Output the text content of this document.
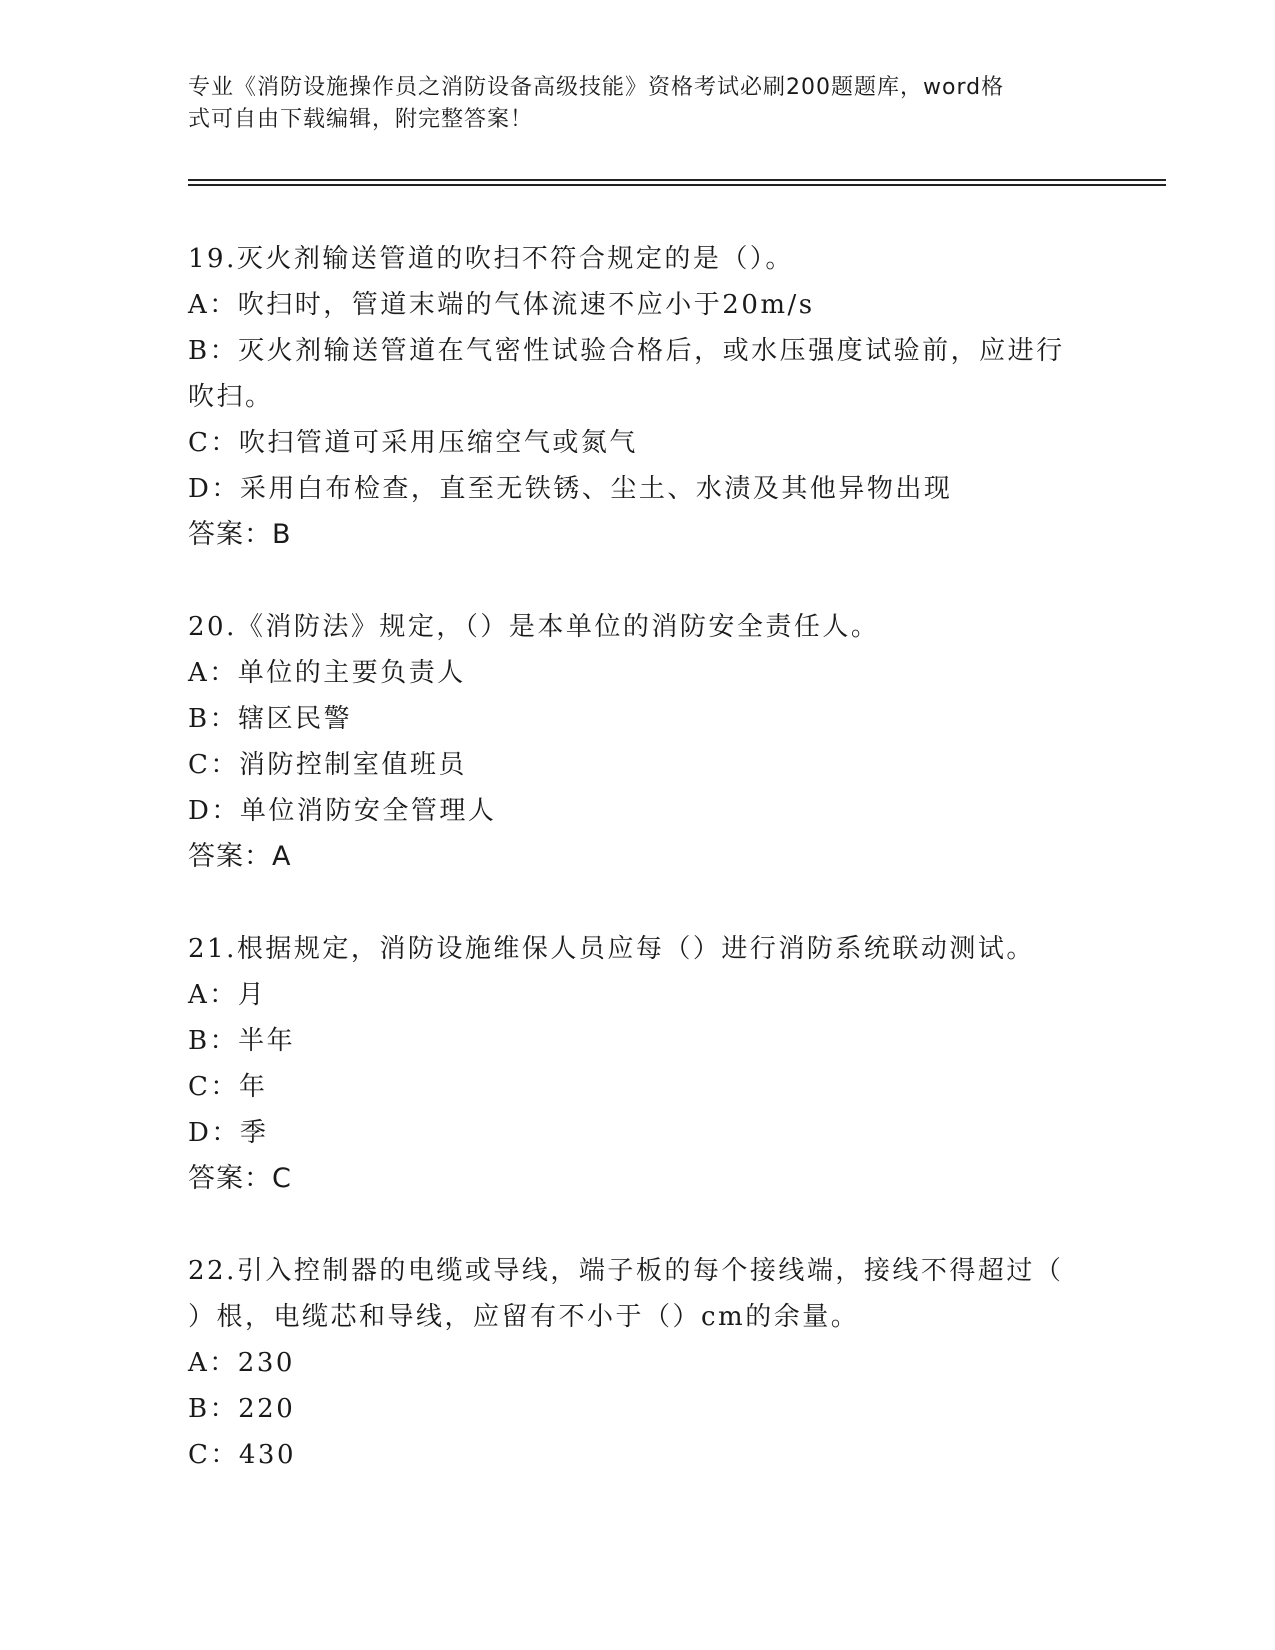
专业《消防设施操作员之消防设备高级技能》资格考试必刷200题题库，word格
式可自由下载编辑，附完整答案！
19.灭火剂输送管道的吹扫不符合规定的是（）。
A：吹扫时，管道末端的气体流速不应小于20m/s
B：灭火剂输送管道在气密性试验合格后，或水压强度试验前，应进行
吹扫。
C：吹扫管道可采用压缩空气或氮气
D：采用白布检查，直至无铁锈、尘土、水渍及其他异物出现
答案：B
20.《消防法》规定，（）是本单位的消防安全责任人。
A：单位的主要负责人
B：辖区民警
C：消防控制室值班员
D：单位消防安全管理人
答案：A
21.根据规定，消防设施维保人员应每（）进行消防系统联动测试。
A：月
B：半年
C：年
D：季
答案：C
22.引入控制器的电缆或导线，端子板的每个接线端，接线不得超过（
）根，电缆芯和导线，应留有不小于（）cm的余量。
A：230
B：220
C：430
